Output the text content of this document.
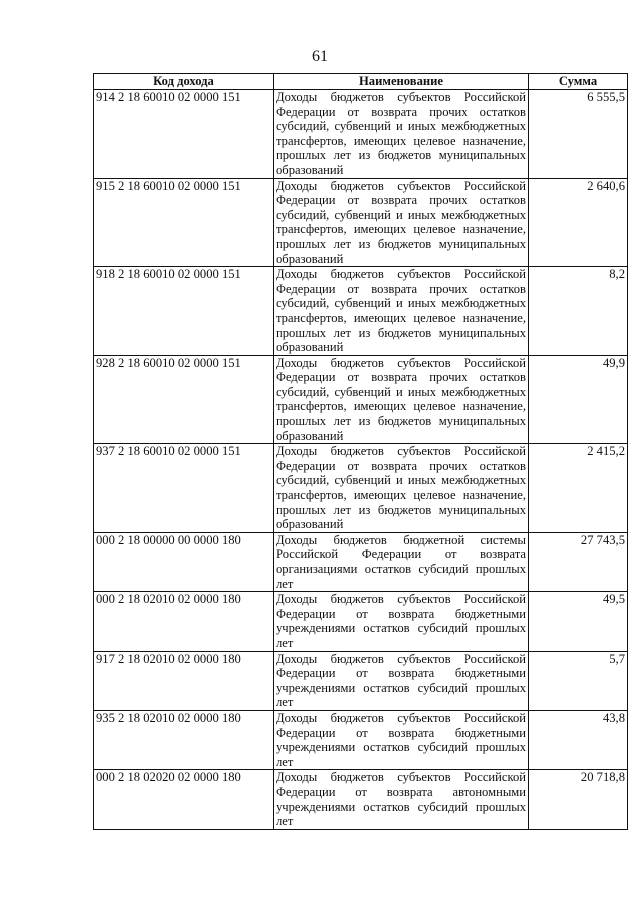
61
Код дохода	Наименование	Сумма
914 2 18 60010 02 0000 151	Доходы бюджетов субъектов Российской Федерации от возврата прочих остатков субсидий, субвенций и иных межбюджетных трансфертов, имеющих целевое назначение, прошлых лет из бюджетов муниципальных образований	6 555,5
915 2 18 60010 02 0000 151	Доходы бюджетов субъектов Российской Федерации от возврата прочих остатков субсидий, субвенций и иных межбюджетных трансфертов, имеющих целевое назначение, прошлых лет из бюджетов муниципальных образований	2 640,6
918 2 18 60010 02 0000 151	Доходы бюджетов субъектов Российской Федерации от возврата прочих остатков субсидий, субвенций и иных межбюджетных трансфертов, имеющих целевое назначение, прошлых лет из бюджетов муниципальных образований	8,2
928 2 18 60010 02 0000 151	Доходы бюджетов субъектов Российской Федерации от возврата прочих остатков субсидий, субвенций и иных межбюджетных трансфертов, имеющих целевое назначение, прошлых лет из бюджетов муниципальных образований	49,9
937 2 18 60010 02 0000 151	Доходы бюджетов субъектов Российской Федерации от возврата прочих остатков субсидий, субвенций и иных межбюджетных трансфертов, имеющих целевое назначение, прошлых лет из бюджетов муниципальных образований	2 415,2
000 2 18 00000 00 0000 180	Доходы бюджетов бюджетной системы Российской Федерации от возврата организациями остатков субсидий прошлых лет	27 743,5
000 2 18 02010 02 0000 180	Доходы бюджетов субъектов Российской Федерации от возврата бюджетными учреждениями остатков субсидий прошлых лет	49,5
917 2 18 02010 02 0000 180	Доходы бюджетов субъектов Российской Федерации от возврата бюджетными учреждениями остатков субсидий прошлых лет	5,7
935 2 18 02010 02 0000 180	Доходы бюджетов субъектов Российской Федерации от возврата бюджетными учреждениями остатков субсидий прошлых лет	43,8
000 2 18 02020 02 0000 180	Доходы бюджетов субъектов Российской Федерации от возврата автономными учреждениями остатков субсидий прошлых лет	20 718,8
